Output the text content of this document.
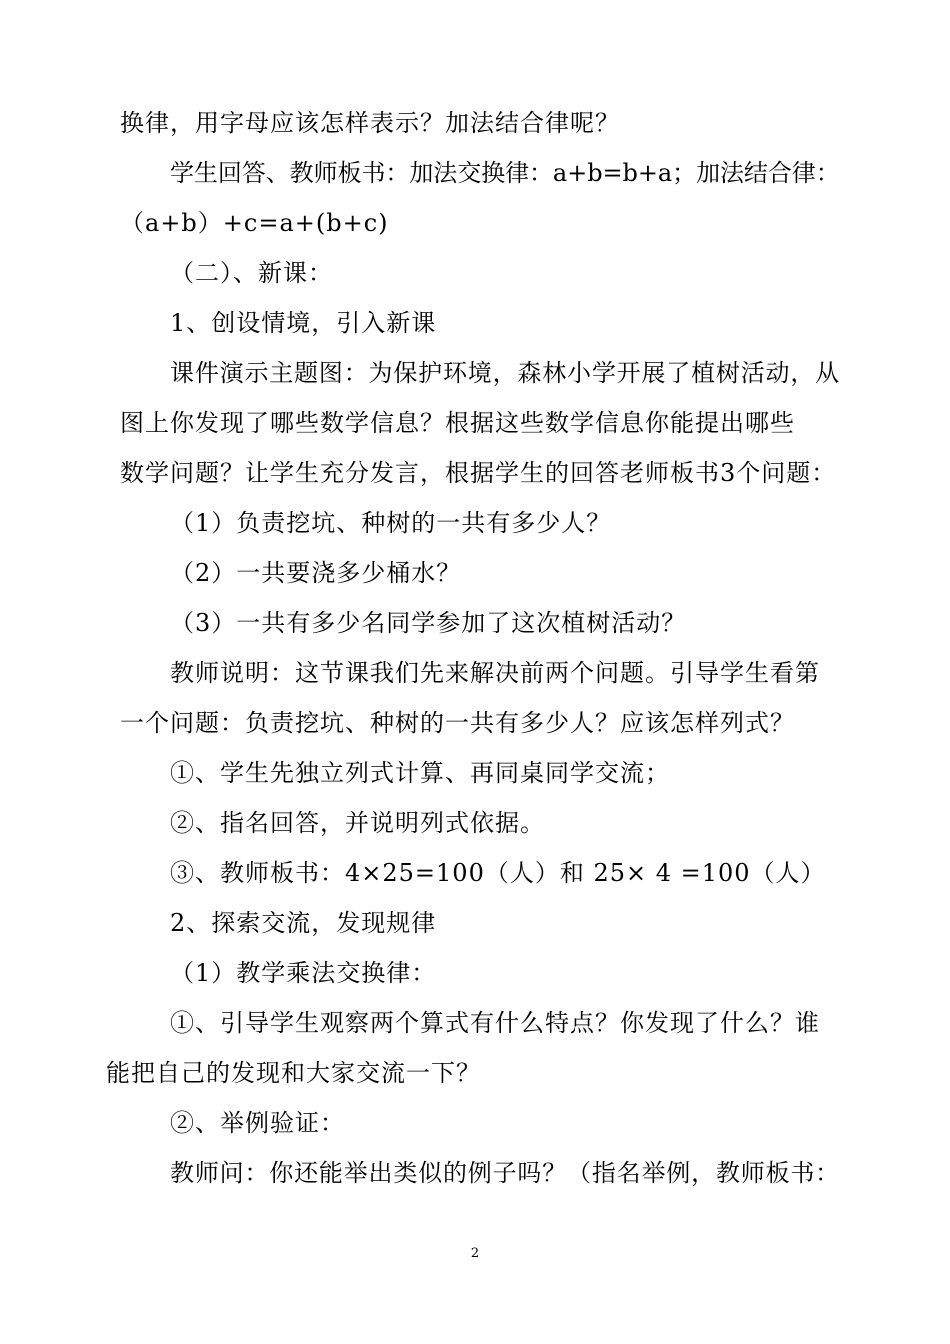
换律，用字母应该怎样表示？加法结合律呢？
学生回答、教师板书：加法交换律：a+b=b+a；加法结合律：
（a+b）+c=a+(b+c)
（二）、新课：
1、创设情境，引入新课
课件演示主题图：为保护环境，森林小学开展了植树活动，从
图上你发现了哪些数学信息？根据这些数学信息你能提出哪些
数学问题？让学生充分发言，根据学生的回答老师板书3个问题：
（1）负责挖坑、种树的一共有多少人？
（2）一共要浇多少桶水？
（3）一共有多少名同学参加了这次植树活动？
教师说明：这节课我们先来解决前两个问题。引导学生看第
一个问题：负责挖坑、种树的一共有多少人？应该怎样列式？
①、学生先独立列式计算、再同桌同学交流；
②、指名回答，并说明列式依据。
③、教师板书：4×25=100（人）和 25× 4 =100（人）
2、探索交流，发现规律
（1）教学乘法交换律：
①、引导学生观察两个算式有什么特点？你发现了什么？谁
能把自己的发现和大家交流一下？
②、举例验证：
教师问：你还能举出类似的例子吗？（指名举例，教师板书：
2
